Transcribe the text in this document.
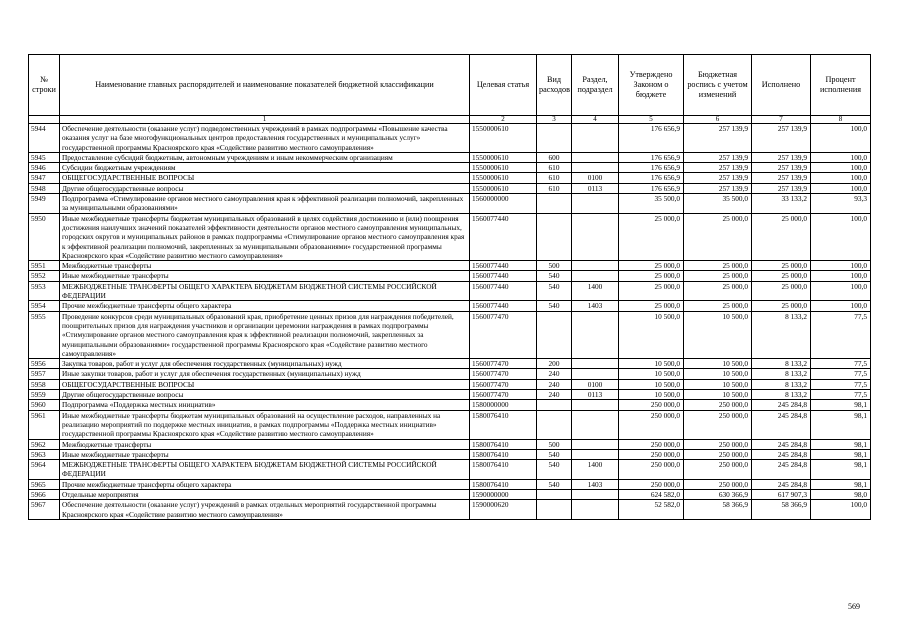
№ строки	Наименование главных распорядителей и наименование показателей бюджетной классификации	Целевая статья	Вид расходов	Раздел, подраздел	Утверждено Законом о бюджете	Бюджетная роспись с учетом изменений	Исполнено	Процент исполнения
	1	2	3	4	5	6	7	8
5944	Обеспечение деятельности (оказание услуг) подведомственных учреждений в рамках подпрограммы «Повышение качества оказания услуг на базе многофункциональных центров предоставления государственных и муниципальных услуг» государственной программы Красноярского края «Содействие развитию местного самоуправления»	1550000610			176 656,9	257 139,9	257 139,9	100,0
5945	Предоставление субсидий бюджетным, автономным учреждениям и иным некоммерческим организациям	1550000610	600		176 656,9	257 139,9	257 139,9	100,0
5946	Субсидии бюджетным учреждениям	1550000610	610		176 656,9	257 139,9	257 139,9	100,0
5947	ОБЩЕГОСУДАРСТВЕННЫЕ ВОПРОСЫ	1550000610	610	0100	176 656,9	257 139,9	257 139,9	100,0
5948	Другие общегосударственные вопросы	1550000610	610	0113	176 656,9	257 139,9	257 139,9	100,0
5949	Подпрограмма «Стимулирование органов местного самоуправления края к эффективной реализации полномочий, закрепленных за муниципальными образованиями»	1560000000			35 500,0	35 500,0	33 133,2	93,3
5950	Иные межбюджетные трансферты бюджетам муниципальных образований в целях содействия достижению и (или) поощрения достижения наилучших значений показателей эффективности деятельности органов местного самоуправления муниципальных, городских округов и муниципальных районов в рамках подпрограммы «Стимулирование органов местного самоуправления края к эффективной реализации полномочий, закрепленных за муниципальными образованиями» государственной программы Красноярского края «Содействие развитию местного самоуправления»	1560077440			25 000,0	25 000,0	25 000,0	100,0
5951	Межбюджетные трансферты	1560077440	500		25 000,0	25 000,0	25 000,0	100,0
5952	Иные межбюджетные трансферты	1560077440	540		25 000,0	25 000,0	25 000,0	100,0
5953	МЕЖБЮДЖЕТНЫЕ ТРАНСФЕРТЫ ОБЩЕГО ХАРАКТЕРА БЮДЖЕТАМ БЮДЖЕТНОЙ СИСТЕМЫ РОССИЙСКОЙ ФЕДЕРАЦИИ	1560077440	540	1400	25 000,0	25 000,0	25 000,0	100,0
5954	Прочие межбюджетные трансферты общего характера	1560077440	540	1403	25 000,0	25 000,0	25 000,0	100,0
5955	Проведение конкурсов среди муниципальных образований края, приобретение ценных призов для награждения победителей, поощрительных призов для награждения участников и организации церемонии награждения в рамках подпрограммы «Стимулирование органов местного самоуправления края к эффективной реализации полномочий, закрепленных за муниципальными образованиями» государственной программы Красноярского края «Содействие развитию местного самоуправления»	1560077470			10 500,0	10 500,0	8 133,2	77,5
5956	Закупка товаров, работ и услуг для обеспечения государственных (муниципальных) нужд	1560077470	200		10 500,0	10 500,0	8 133,2	77,5
5957	Иные закупки товаров, работ и услуг для обеспечения государственных (муниципальных) нужд	1560077470	240		10 500,0	10 500,0	8 133,2	77,5
5958	ОБЩЕГОСУДАРСТВЕННЫЕ ВОПРОСЫ	1560077470	240	0100	10 500,0	10 500,0	8 133,2	77,5
5959	Другие общегосударственные вопросы	1560077470	240	0113	10 500,0	10 500,0	8 133,2	77,5
5960	Подпрограмма «Поддержка местных инициатив»	1580000000			250 000,0	250 000,0	245 284,8	98,1
5961	Иные межбюджетные трансферты бюджетам муниципальных образований на осуществление расходов, направленных на реализацию мероприятий по поддержке местных инициатив, в рамках подпрограммы «Поддержка местных инициатив» государственной программы Красноярского края «Содействие развитию местного самоуправления»	1580076410			250 000,0	250 000,0	245 284,8	98,1
5962	Межбюджетные трансферты	1580076410	500		250 000,0	250 000,0	245 284,8	98,1
5963	Иные межбюджетные трансферты	1580076410	540		250 000,0	250 000,0	245 284,8	98,1
5964	МЕЖБЮДЖЕТНЫЕ ТРАНСФЕРТЫ ОБЩЕГО ХАРАКТЕРА БЮДЖЕТАМ БЮДЖЕТНОЙ СИСТЕМЫ РОССИЙСКОЙ ФЕДЕРАЦИИ	1580076410	540	1400	250 000,0	250 000,0	245 284,8	98,1
5965	Прочие межбюджетные трансферты общего характера	1580076410	540	1403	250 000,0	250 000,0	245 284,8	98,1
5966	Отдельные мероприятия	1590000000			624 582,0	630 366,9	617 907,3	98,0
5967	Обеспечение деятельности (оказание услуг) учреждений в рамках отдельных мероприятий государственной программы Красноярского края «Содействие развитию местного самоуправления»	1590000620			52 582,0	58 366,9	58 366,9	100,0
569
